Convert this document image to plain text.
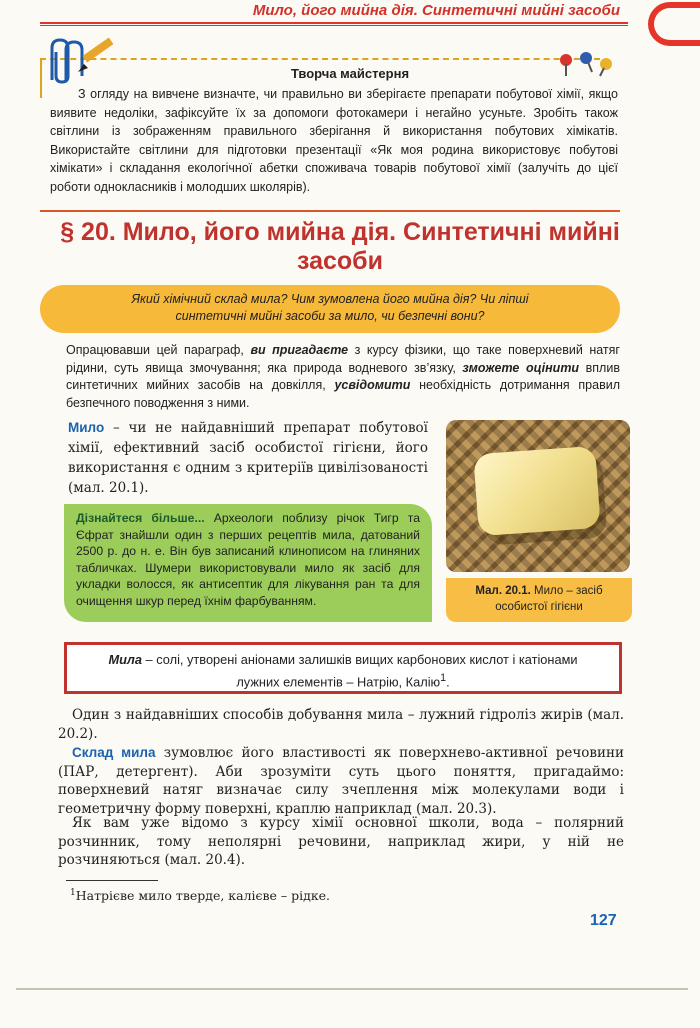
Мило, його мийна дія. Синтетичні мийні засоби
Творча майстерня
З огляду на вивчене визначте, чи правильно ви зберігаєте препарати побутової хімії, якщо виявите недоліки, зафіксуйте їх за допомоги фотокамери і негайно усуньте. Зробіть також світлини із зображенням правильного зберігання й використання побутових хімікатів. Використайте світлини для підготовки презентації «Як моя родина використовує побутові хімікати» і складання екологічної абетки споживача товарів побутової хімії (залучіть до цієї роботи однокласників і молодших школярів).
§ 20. Мило, його мийна дія. Синтетичні мийні
засоби
Який хімічний склад мила? Чим зумовлена його мийна дія? Чи ліпші синтетичні мийні засоби за мило, чи безпечні вони?
Опрацювавши цей параграф, ви пригадаєте з курсу фізики, що таке поверхневий натяг рідини, суть явища змочування; яка природа водневого зв’язку, зможете оцінити вплив синтетичних мийних засобів на довкілля, усвідомити необхідність дотримання правил безпечного поводження з ними.
Мило – чи не найдавніший препарат побутової хімії, ефективний засіб особистої гігієни, його використання є одним з критеріїв цивілізованості (мал. 20.1).
Дізнайтеся більше... Археологи поблизу річок Тигр та Єфрат знайшли один з перших рецептів мила, датований 2500 р. до н. е. Він був записаний клинописом на глиняних табличках. Шумери використовували мило як засіб для укладки волосся, як антисептик для лікування ран та для очищення шкур перед їхнім фарбуванням.
Мал. 20.1. Мило – засіб особистої гігієни
Мила – солі, утворені аніонами залишків вищих карбонових кислот і катіонами лужних елементів – Натрію, Калію$^1$.
Один з найдавніших способів добування мила – лужний гідроліз жирів (мал. 20.2).
Склад мила зумовлює його властивості як поверхнево-активної речовини (ПАР, детергент). Аби зрозуміти суть цього поняття, пригадаймо: поверхневий натяг визначає силу зчеплення між молекулами води і геометричну форму поверхні, краплю наприклад (мал. 20.3).
Як вам уже відомо з курсу хімії основної школи, вода – полярний розчинник, тому неполярні речовини, наприклад жири, у ній не розчиняються (мал. 20.4).
$^1$Натрієве мило тверде, калієве – рідке.
127
